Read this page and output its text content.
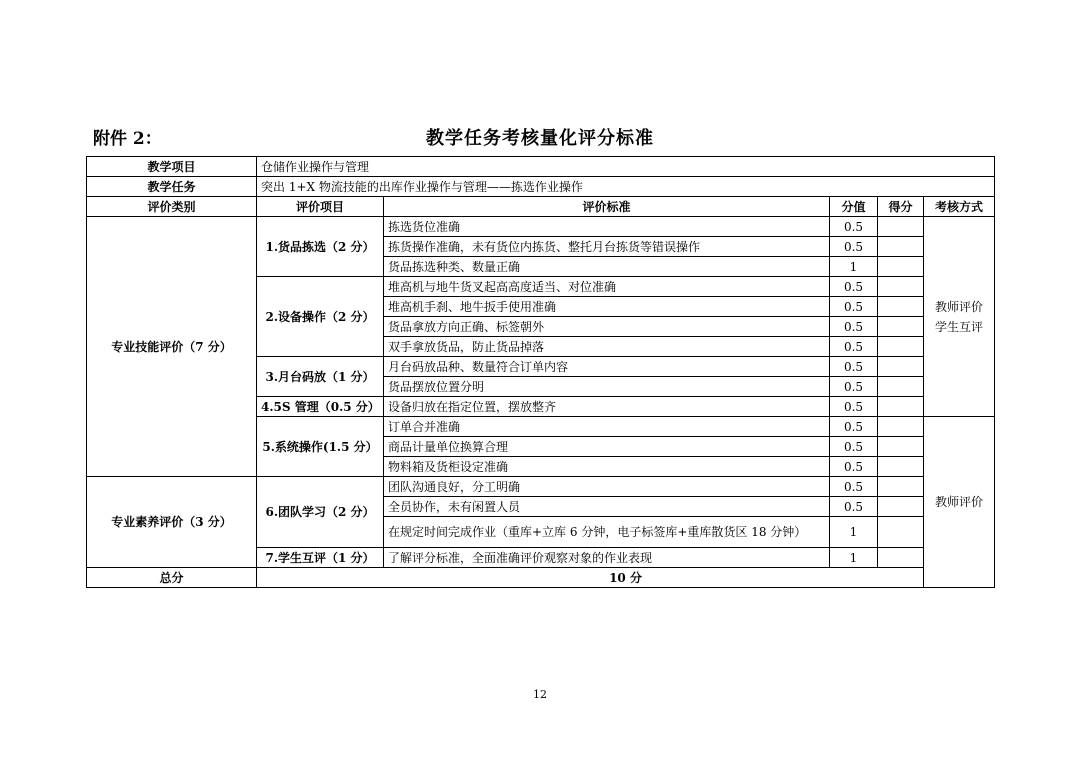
附件 2：	教学任务考核量化评分标准
教学项目	仓储作业操作与管理				
教学任务	突出 1+X 物流技能的出库作业操作与管理——拣选作业操作				
评价类别	评价项目	评价标准	分值	得分	考核方式
专业技能评价（7 分）	1.货品拣选（2 分）	拣选货位准确	0.5		教师评价 学生互评
		拣货操作准确，未有货位内拣货、整托月台拣货等错误操作	0.5		
		货品拣选种类、数量正确	1		
	2.设备操作（2 分）	堆高机与地牛货叉起高高度适当、对位准确	0.5		
		堆高机手刹、地牛扳手使用准确	0.5		
		货品拿放方向正确、标签朝外	0.5		
		双手拿放货品，防止货品掉落	0.5		
	3.月台码放（1 分）	月台码放品种、数量符合订单内容	0.5		
		货品摆放位置分明	0.5		
	4.5S 管理（0.5 分）	设备归放在指定位置，摆放整齐	0.5		
	5.系统操作(1.5 分）	订单合并准确	0.5		教师评价
		商品计量单位换算合理	0.5		
		物料箱及货柜设定准确	0.5		
专业素养评价（3 分）	6.团队学习（2 分）	团队沟通良好，分工明确	0.5		
		全员协作，未有闲置人员	0.5		
		在规定时间完成作业（重库+立库 6 分钟，电子标签库+重库散货区 18 分钟）	1		
	7.学生互评（1 分）	了解评分标准，全面准确评价观察对象的作业表现	1		
总分	10 分				
12
